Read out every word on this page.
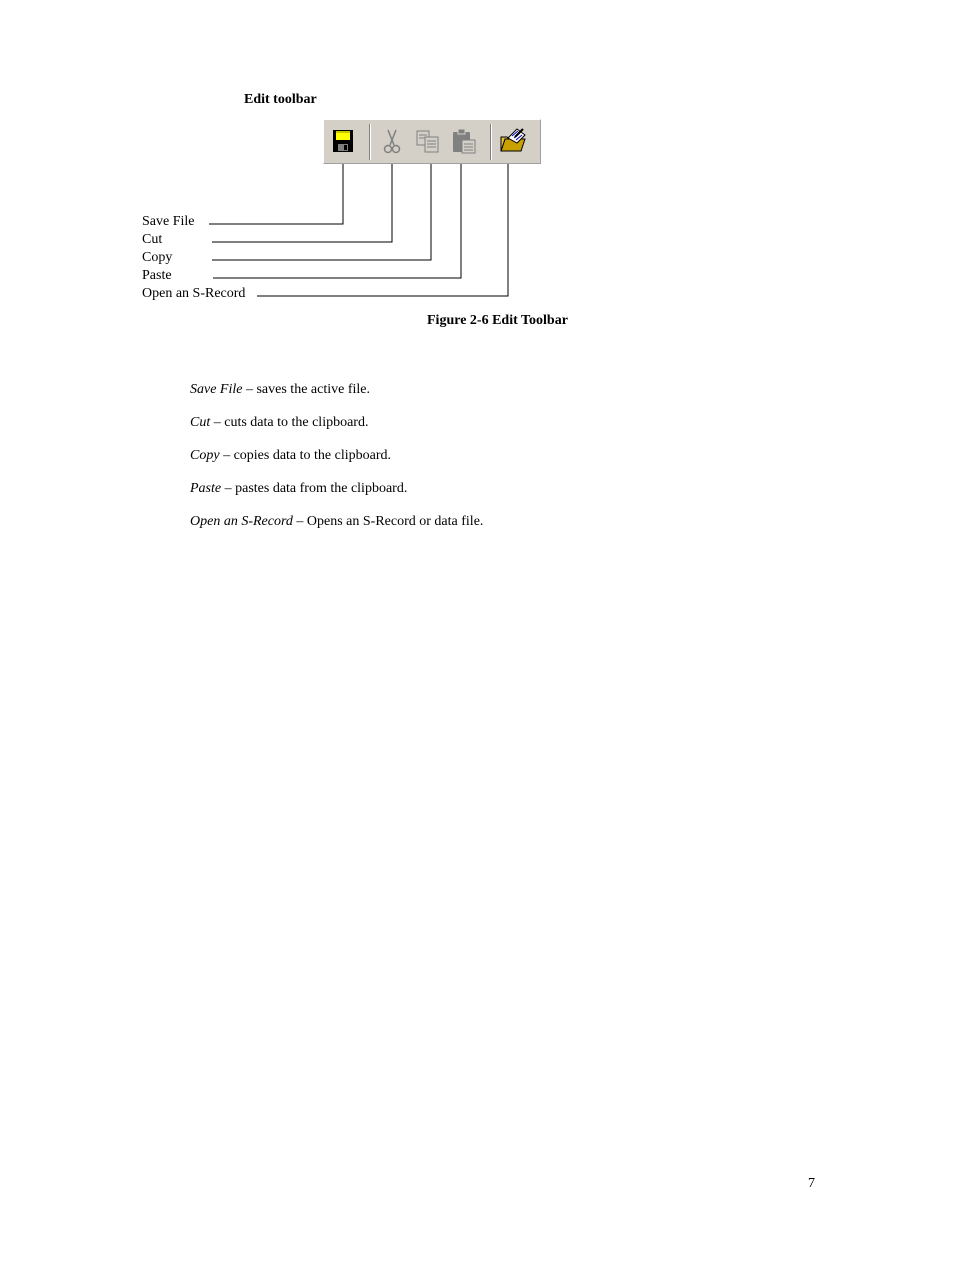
Edit toolbar
Save File
Cut
Copy
Paste
Open an S-Record
Figure 2-6 Edit Toolbar
Save File – saves the active file.
Cut – cuts data to the clipboard.
Copy – copies data to the clipboard.
Paste – pastes data from the clipboard.
Open an S-Record – Opens an S-Record or data file.
7
